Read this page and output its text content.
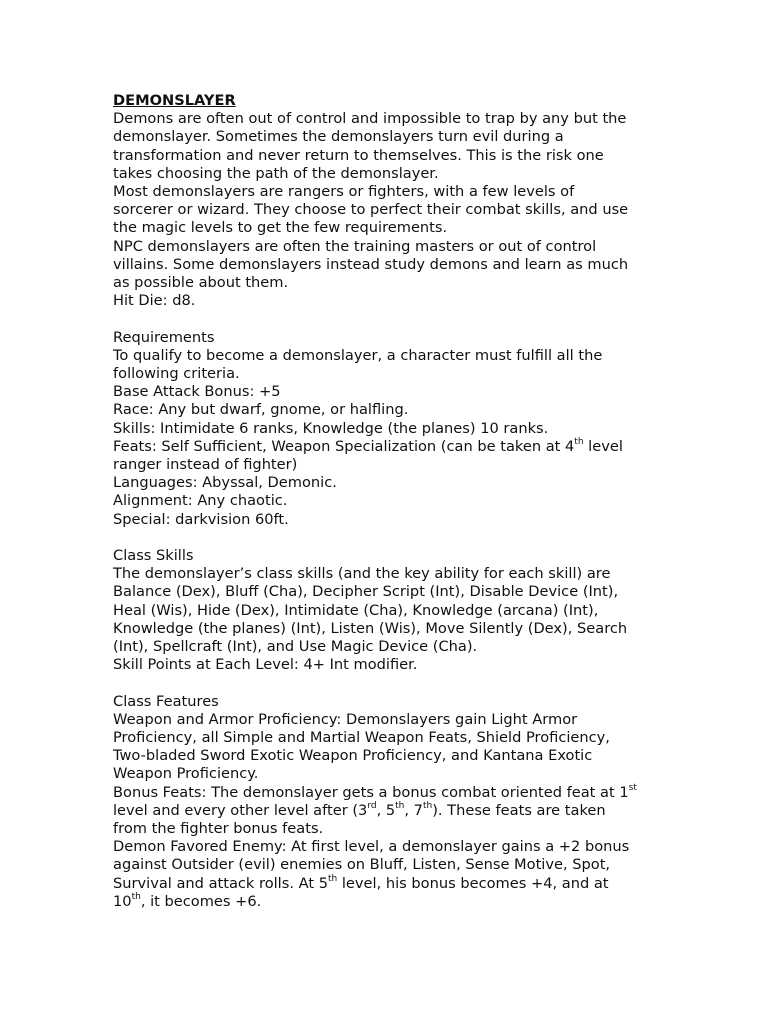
DEMONSLAYER

Demons are often out of control and impossible to trap by any but the

demonslayer. Sometimes the demonslayers turn evil during a

transformation and never return to themselves. This is the risk one

takes choosing the path of the demonslayer.

Most demonslayers are rangers or fighters, with a few levels of

sorcerer or wizard. They choose to perfect their combat skills, and use

the magic levels to get the few requirements.

NPC demonslayers are often the training masters or out of control

villains. Some demonslayers instead study demons and learn as much

as possible about them.

Hit Die: d8.

Requirements

To qualify to become a demonslayer, a character must fulfill all the

following criteria.

Base Attack Bonus: +5

Race: Any but dwarf, gnome, or halfling.

Skills: Intimidate 6 ranks, Knowledge (the planes) 10 ranks.

Feats: Self Sufficient, Weapon Specialization (can be taken at 4th level

ranger instead of fighter)

Languages: Abyssal, Demonic.

Alignment: Any chaotic.

Special: darkvision 60ft.

Class Skills

The demonslayer’s class skills (and the key ability for each skill) are

Balance (Dex), Bluff (Cha), Decipher Script (Int), Disable Device (Int),

Heal (Wis), Hide (Dex), Intimidate (Cha), Knowledge (arcana) (Int),

Knowledge (the planes) (Int), Listen (Wis), Move Silently (Dex), Search

(Int), Spellcraft (Int), and Use Magic Device (Cha).

Skill Points at Each Level: 4+ Int modifier.

Class Features

Weapon and Armor Proficiency: Demonslayers gain Light Armor

Proficiency, all Simple and Martial Weapon Feats, Shield Proficiency,

Two-bladed Sword Exotic Weapon Proficiency, and Kantana Exotic

Weapon Proficiency.

Bonus Feats: The demonslayer gets a bonus combat oriented feat at 1st

level and every other level after (3rd, 5th, 7th). These feats are taken

from the fighter bonus feats.

Demon Favored Enemy: At first level, a demonslayer gains a +2 bonus

against Outsider (evil) enemies on Bluff, Listen, Sense Motive, Spot,

Survival and attack rolls. At 5th level, his bonus becomes +4, and at

10th, it becomes +6.
